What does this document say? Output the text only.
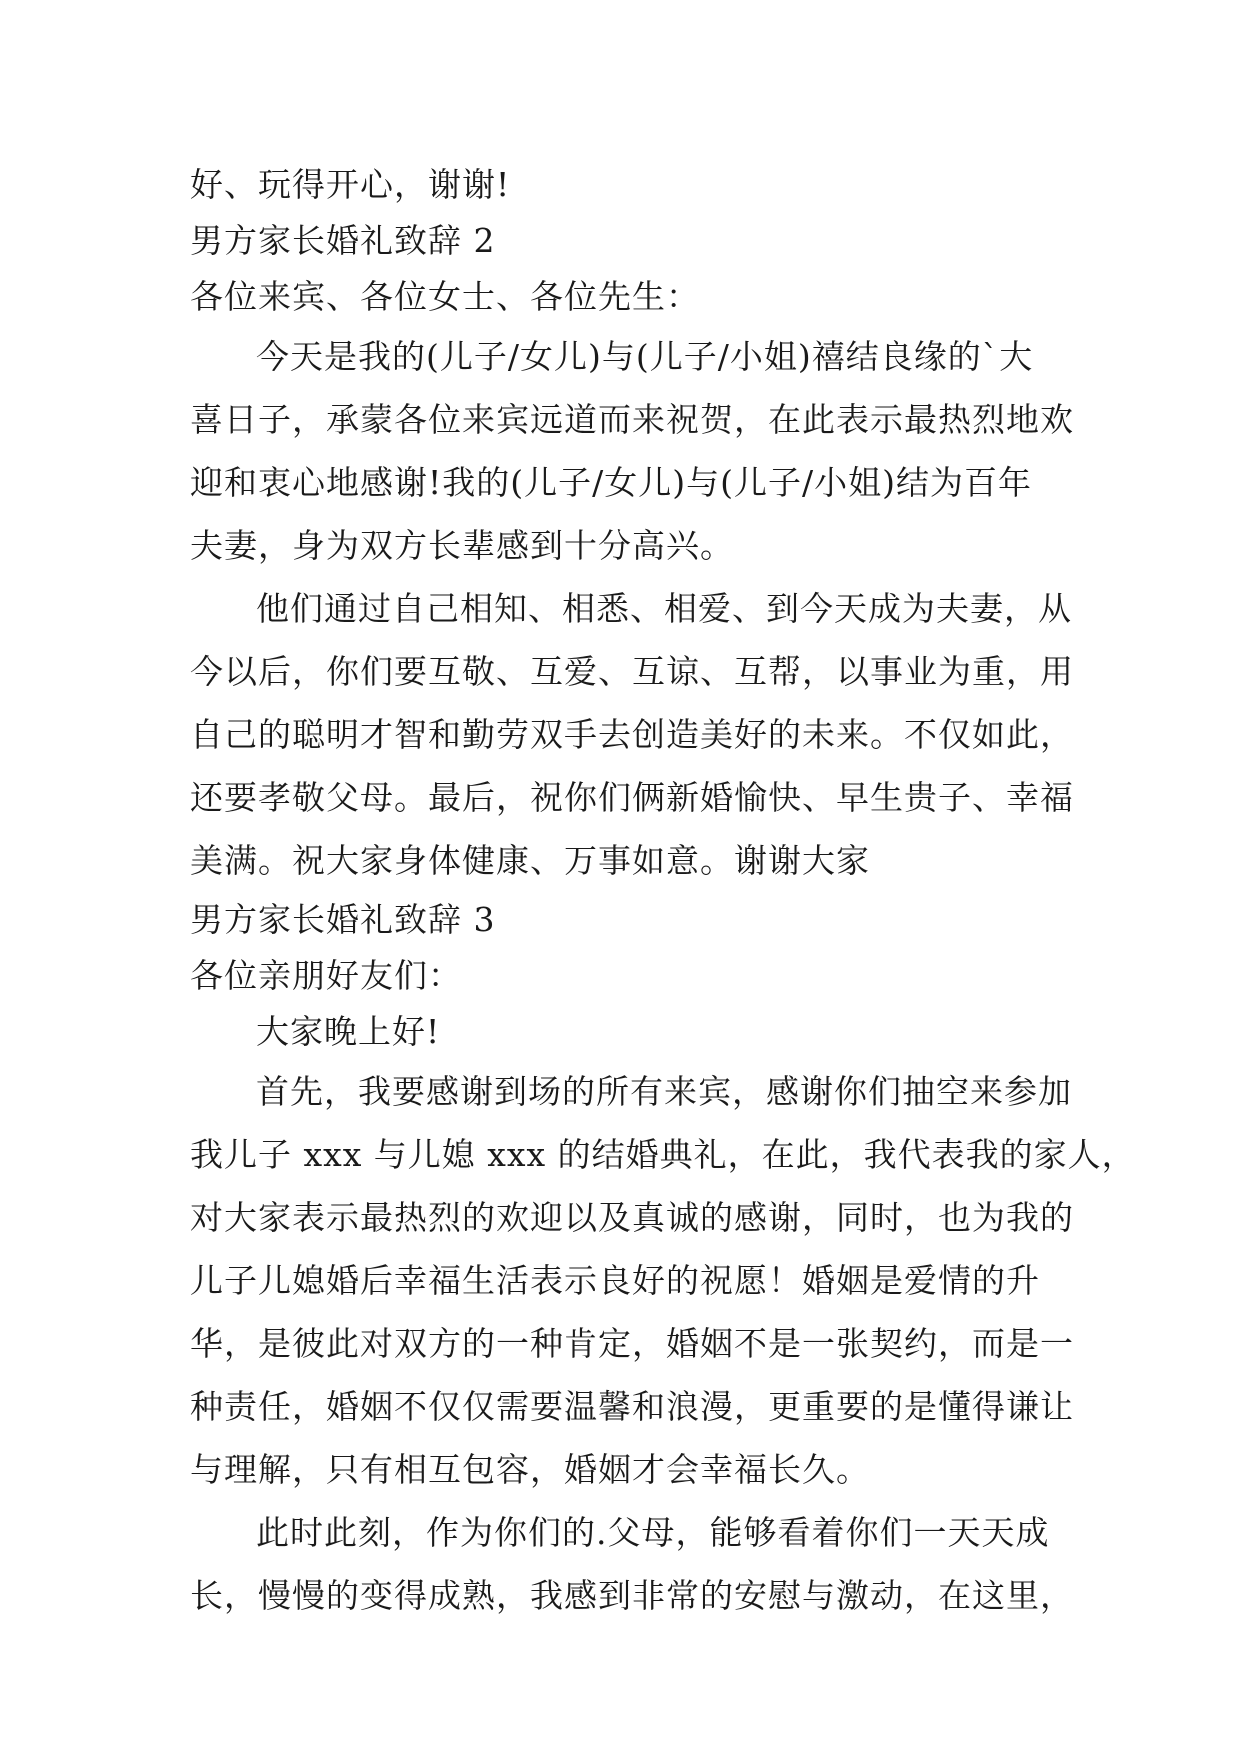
好、玩得开心，谢谢!
男方家长婚礼致辞 2
各位来宾、各位女士、各位先生：
今天是我的(儿子/女儿)与(儿子/小姐)禧结良缘的`大
喜日子，承蒙各位来宾远道而来祝贺，在此表示最热烈地欢
迎和衷心地感谢!我的(儿子/女儿)与(儿子/小姐)结为百年
夫妻，身为双方长辈感到十分高兴。
他们通过自己相知、相悉、相爱、到今天成为夫妻，从
今以后，你们要互敬、互爱、互谅、互帮，以事业为重，用
自己的聪明才智和勤劳双手去创造美好的未来。不仅如此，
还要孝敬父母。最后，祝你们俩新婚愉快、早生贵子、幸福
美满。祝大家身体健康、万事如意。谢谢大家
男方家长婚礼致辞 3
各位亲朋好友们：
大家晚上好!
首先，我要感谢到场的所有来宾，感谢你们抽空来参加
我儿子 xxx 与儿媳 xxx 的结婚典礼，在此，我代表我的家人，
对大家表示最热烈的欢迎以及真诚的感谢，同时，也为我的
儿子儿媳婚后幸福生活表示良好的祝愿！婚姻是爱情的升
华，是彼此对双方的一种肯定，婚姻不是一张契约，而是一
种责任，婚姻不仅仅需要温馨和浪漫，更重要的是懂得谦让
与理解，只有相互包容，婚姻才会幸福长久。
此时此刻，作为你们的.父母，能够看着你们一天天成
长，慢慢的变得成熟，我感到非常的安慰与激动，在这里，
